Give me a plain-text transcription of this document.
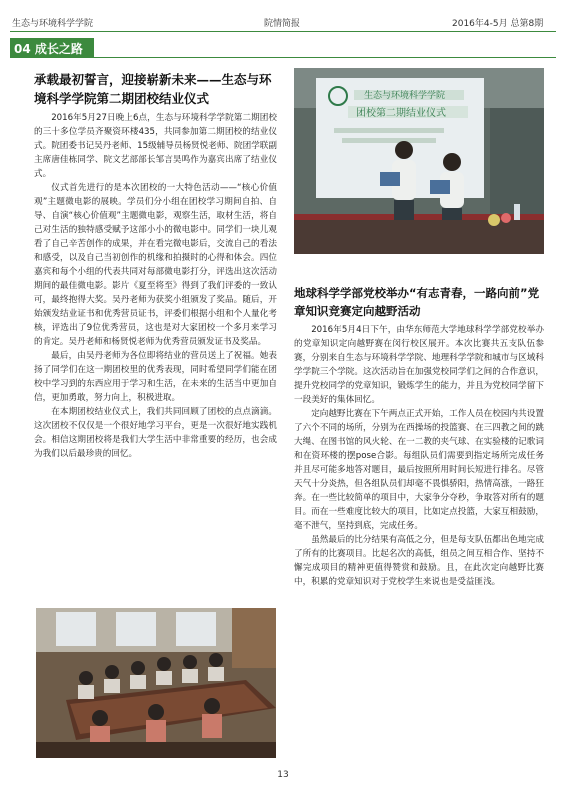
生态与环境科学学院	院情简报	2016年4-5月 总第8期
04 成长之路
承载最初誓言，迎接崭新未来——生态与环境科学学院第二期团校结业仪式

2016年5月27日晚上6点，生态与环境科学学院第二期团校的三十多位学员齐聚资环楼435，共同参加第二期团校的结业仪式。院团委书记吴丹老师、15级辅导员杨贤悦老师、院团学联副主席唐佳栋同学、院文艺部部长邹言昊鸣作为嘉宾出席了结业仪式。

仪式首先进行的是本次团校的一大特色活动——“核心价值观”主题微电影的展映。学员们分小组在团校学习期间自拍、自导、自演“核心价值观”主题微电影，观察生活，取材生活，将自己对生活的独特感受赋予这部小小的微电影中。同学们一块儿观看了自己辛苦创作的成果，并在看完微电影后，交流自己的看法和感受，以及自己当初创作的机缘和拍摄时的心得和体会。四位嘉宾和每个小组的代表共同对每部微电影打分，评选出这次活动期间的最佳微电影。影片《夏至将至》得到了我们评委的一致认可，最终抱得大奖。吴丹老师为获奖小组颁发了奖品。随后，开始颁发结业证书和优秀营员证书，评委们根据小组和个人量化考核，评选出了9位优秀营员，这也是对大家团校一个多月来学习的肯定。吴丹老师和杨贤悦老师为优秀营员颁发证书及奖品。

最后，由吴丹老师为各位即将结业的营员送上了祝福。她表扬了同学们在这一期团校里的优秀表现，同时希望同学们能在团校中学习到的东西应用于学习和生活，在未来的生活当中更加自信，更加勇敢，努力向上，积极进取。

在本期团校结业仪式上，我们共同回顾了团校的点点滴滴。这次团校不仅仅是一个很好地学习平台，更是一次很好地实践机会。相信这期团校将是我们大学生活中非常重要的经历，也会成为我们以后最珍贵的回忆。

生态与环境科学学院
团校第二期结业仪式
地球科学学部党校举办“有志青春，一路向前”党章知识竞赛定向越野活动

2016年5月4日下午，由华东师范大学地球科学学部党校举办的党章知识定向越野赛在闵行校区展开。本次比赛共五支队伍参赛，分别来自生态与环境科学学院、地理科学学院和城市与区域科学学院三个学院。这次活动旨在加强党校同学们之间的合作意识，提升党校同学的党章知识，锻炼学生的能力，并且为党校同学留下一段美好的集体回忆。

定向越野比赛在下午两点正式开始，工作人员在校园内共设置了六个不同的场所，分别为在西操场的投篮赛、在三四教之间的跳大绳、在图书馆的风火轮、在一二教的夹气球、在实验楼的记歌词和在资环楼的摆pose合影。每组队员们需要到指定场所完成任务并且尽可能多地答对题目，最后按照所用时间长短进行排名。尽管天气十分炎热，但各组队员们却毫不畏惧骄阳，热情高涨，一路狂奔。在一些比较简单的项目中，大家争分夺秒，争取答对所有的题目。而在一些难度比较大的项目，比如定点投篮，大家互相鼓励，毫不泄气，坚持到底，完成任务。

虽然最后的比分结果有高低之分，但是每支队伍都出色地完成了所有的比赛项目。比起名次的高低，组员之间互相合作、坚持不懈完成项目的精神更值得赞赏和鼓励。且，在此次定向越野比赛中，积累的党章知识对于党校学生来说也是受益匪浅。

13
